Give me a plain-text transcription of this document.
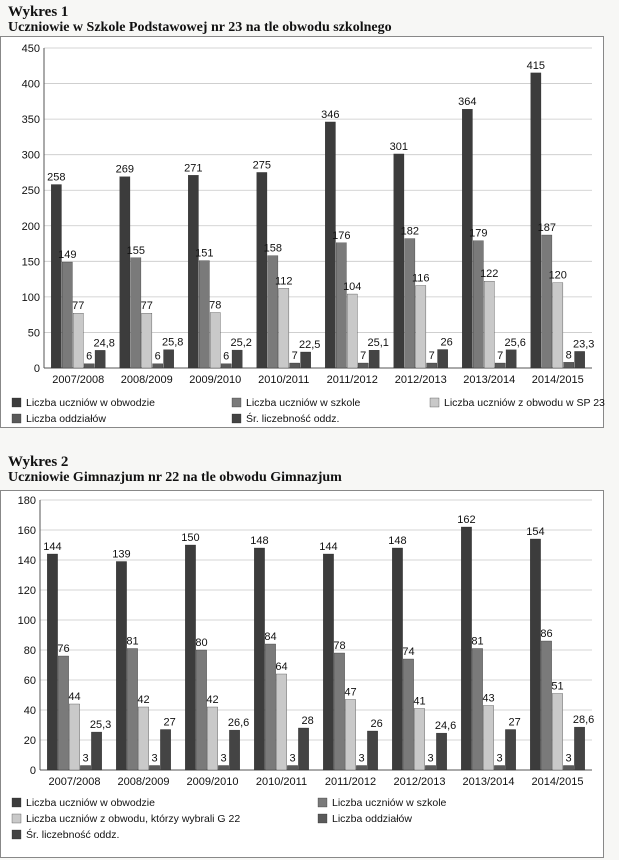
Wykres 1
Uczniowie w Szkole Podstawowej nr 23 na tle obwodu szkolnego
0
50
100
150
200
250
300
350
400
450
258
149
77
6
24,8
2007/2008
269
155
77
6
25,8
2008/2009
271
151
78
6
25,2
2009/2010
275
158
112
7
22,5
2010/2011
346
176
104
7
25,1
2011/2012
301
182
116
7
26
2012/2013
364
179
122
7
25,6
2013/2014
415
187
120
8
23,3
2014/2015
Liczba uczniów w obwodzie	Liczba uczniów w szkole	Liczba uczniów z obwodu w SP 23
Liczba oddziałów	Śr. liczebność oddz.
Wykres 2
Uczniowie Gimnazjum nr 22 na tle obwodu Gimnazjum
0
20
40
60
80
100
120
140
160
180
144
76
44
3
25,3
2007/2008
139
81
42
3
27
2008/2009
150
80
42
3
26,6
2009/2010
148
84
64
3
28
2010/2011
144
78
47
3
26
2011/2012
148
74
41
3
24,6
2012/2013
162
81
43
3
27
2013/2014
154
86
51
3
28,6
2014/2015
Liczba uczniów w obwodzie	Liczba uczniów w szkole
Liczba uczniów z obwodu, którzy wybrali G 22	Liczba oddziałów
Śr. liczebność oddz.
